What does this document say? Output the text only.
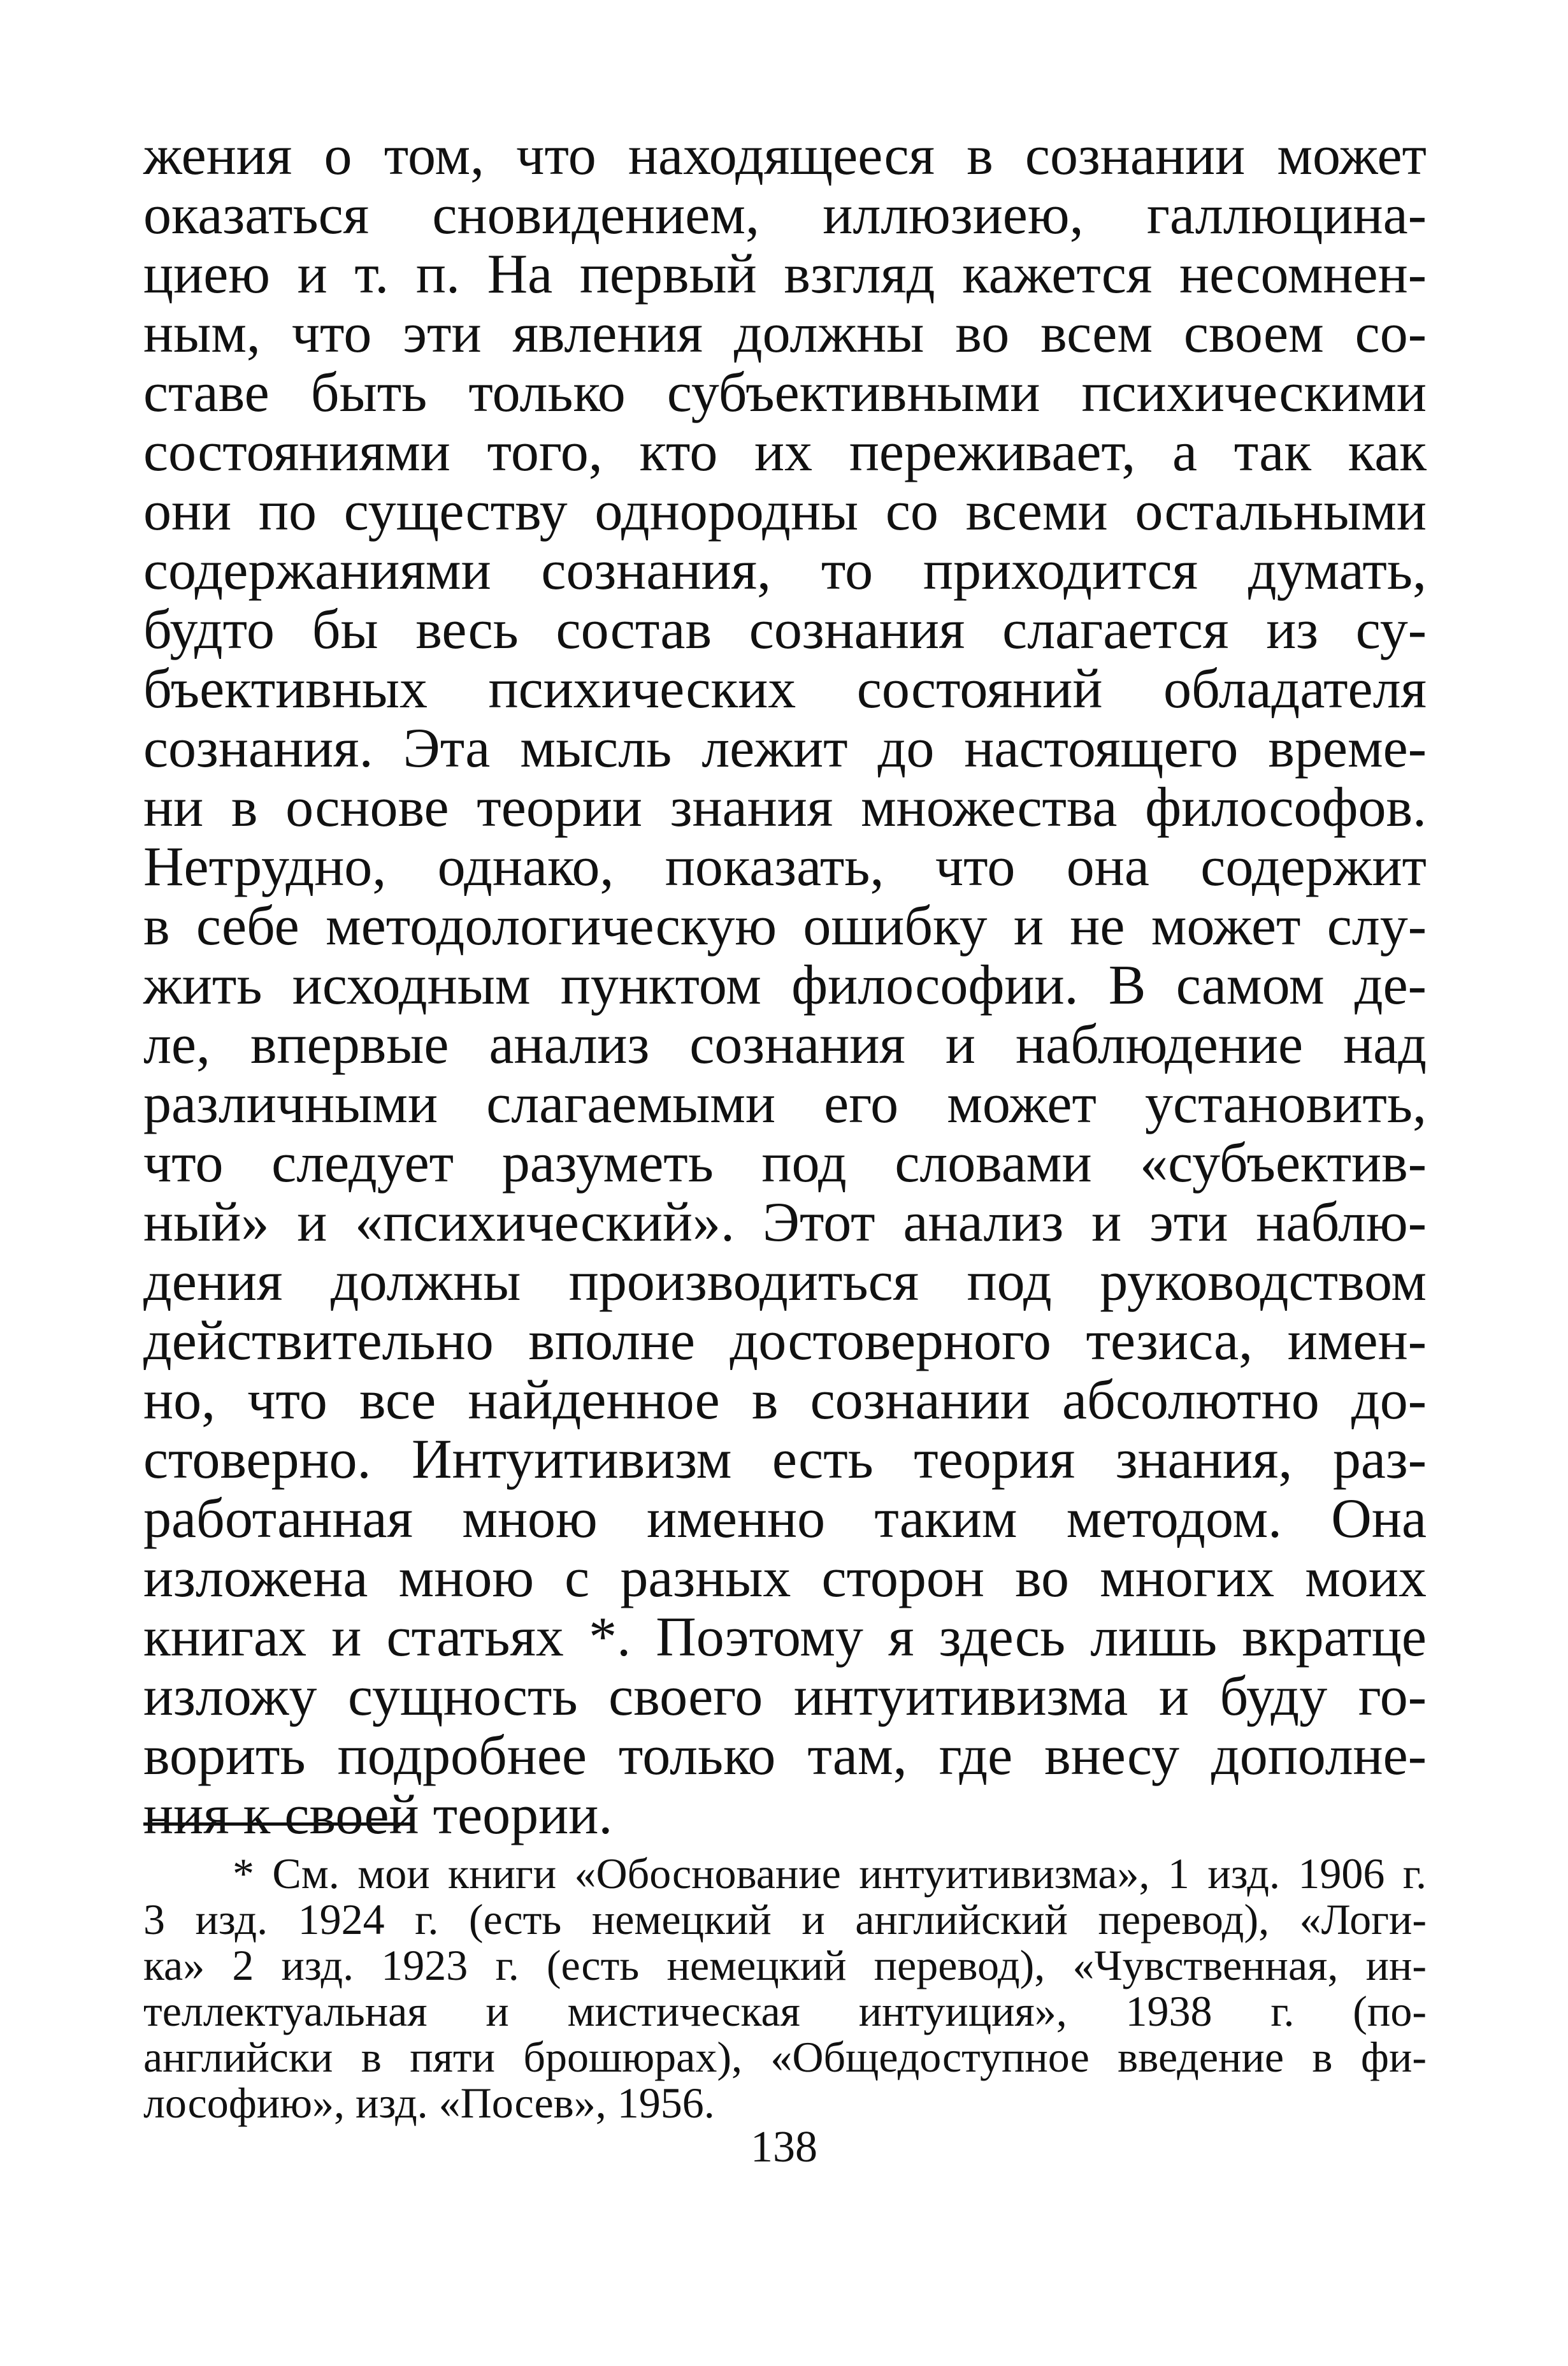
жения о том, что находящееся в сознании может
оказаться сновидением, иллюзиею, галлюцина-
циею и т. п. На первый взгляд кажется несомнен-
ным, что эти явления должны во всем своем со-
ставе быть только субъективными психическими
состояниями того, кто их переживает, а так как
они по существу однородны со всеми остальными
содержаниями сознания, то приходится думать,
будто бы весь состав сознания слагается из су-
бъективных психических состояний обладателя
сознания. Эта мысль лежит до настоящего време-
ни в основе теории знания множества философов.
Нетрудно, однако, показать, что она содержит
в себе методологическую ошибку и не может слу-
жить исходным пунктом философии. В самом де-
ле, впервые анализ сознания и наблюдение над
различными слагаемыми его может установить,
что следует разуметь под словами «субъектив-
ный» и «психический». Этот анализ и эти наблю-
дения должны производиться под руководством
действительно вполне достоверного тезиса, имен-
но, что все найденное в сознании абсолютно до-
стоверно. Интуитивизм есть теория знания, раз-
работанная мною именно таким методом. Она
изложена мною с разных сторон во многих моих
книгах и статьях *. Поэтому я здесь лишь вкратце
изложу сущность своего интуитивизма и буду го-
ворить подробнее только там, где внесу дополне-
ния к своей теории.
* См. мои книги «Обоснование интуитивизма», 1 изд. 1906 г.
3 изд. 1924 г. (есть немецкий и английский перевод), «Логи-
ка» 2 изд. 1923 г. (есть немецкий перевод), «Чувственная, ин-
теллектуальная и мистическая интуиция», 1938 г. (по-
английски в пяти брошюрах), «Общедоступное введение в фи-
лософию», изд. «Посев», 1956.
138
